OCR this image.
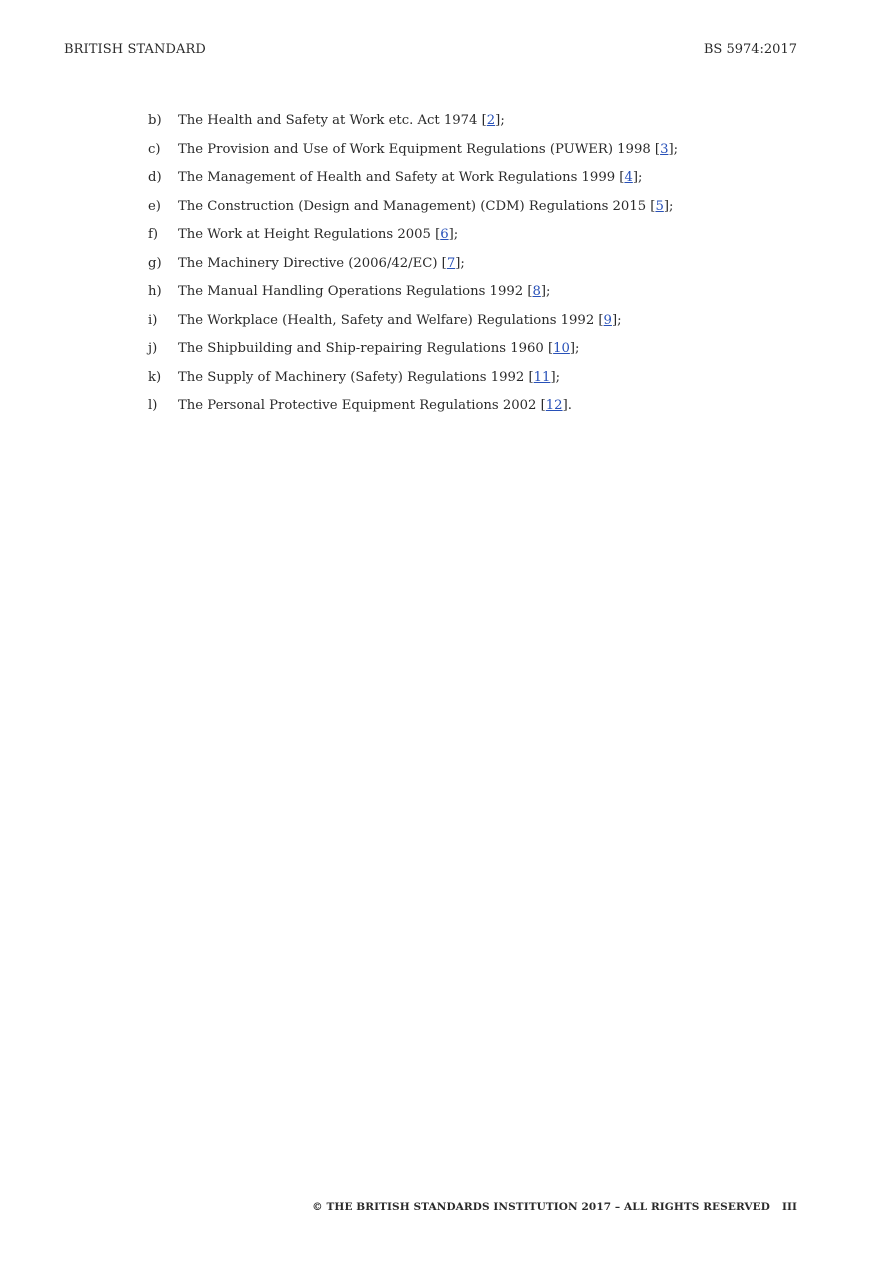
BRITISH STANDARD	BS 5974:2017
b)	The Health and Safety at Work etc. Act 1974 [2];
c)	The Provision and Use of Work Equipment Regulations (PUWER) 1998 [3];
d)	The Management of Health and Safety at Work Regulations 1999 [4];
e)	The Construction (Design and Management) (CDM) Regulations 2015 [5];
f)	The Work at Height Regulations 2005 [6];
g)	The Machinery Directive (2006/42/EC) [7];
h)	The Manual Handling Operations Regulations 1992 [8];
i)	The Workplace (Health, Safety and Welfare) Regulations 1992 [9];
j)	The Shipbuilding and Ship-repairing Regulations 1960 [10];
k)	The Supply of Machinery (Safety) Regulations 1992 [11];
l)	The Personal Protective Equipment Regulations 2002 [12].
© THE BRITISH STANDARDS INSTITUTION 2017 – ALL RIGHTS RESERVED III
